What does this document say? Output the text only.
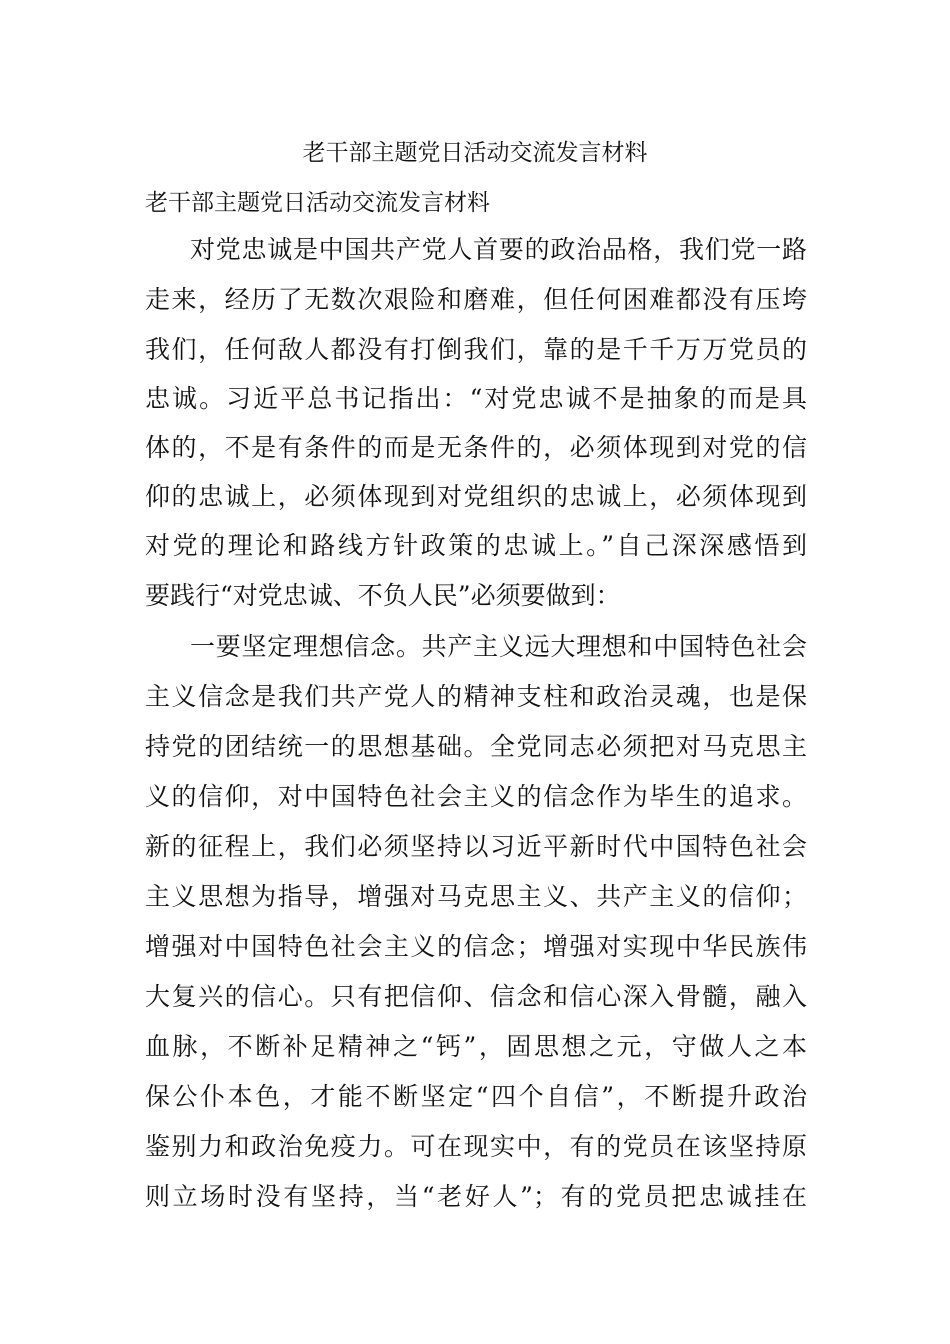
老干部主题党日活动交流发言材料
老干部主题党日活动交流发言材料
对党忠诚是中国共产党人首要的政治品格，我们党一路
走来，经历了无数次艰险和磨难，但任何困难都没有压垮
我们，任何敌人都没有打倒我们，靠的是千千万万党员的
忠诚。习近平总书记指出：“对党忠诚不是抽象的而是具
体的，不是有条件的而是无条件的，必须体现到对党的信
仰的忠诚上，必须体现到对党组织的忠诚上，必须体现到
对党的理论和路线方针政策的忠诚上。”自己深深感悟到
要践行“对党忠诚、不负人民”必须要做到：
一要坚定理想信念。共产主义远大理想和中国特色社会
主义信念是我们共产党人的精神支柱和政治灵魂，也是保
持党的团结统一的思想基础。全党同志必须把对马克思主
义的信仰，对中国特色社会主义的信念作为毕生的追求。
新的征程上，我们必须坚持以习近平新时代中国特色社会
主义思想为指导，增强对马克思主义、共产主义的信仰；
增强对中国特色社会主义的信念；增强对实现中华民族伟
大复兴的信心。只有把信仰、信念和信心深入骨髓，融入
血脉，不断补足精神之“钙”，固思想之元，守做人之本
保公仆本色，才能不断坚定“四个自信”，不断提升政治
鉴别力和政治免疫力。可在现实中，有的党员在该坚持原
则立场时没有坚持，当“老好人”；有的党员把忠诚挂在
